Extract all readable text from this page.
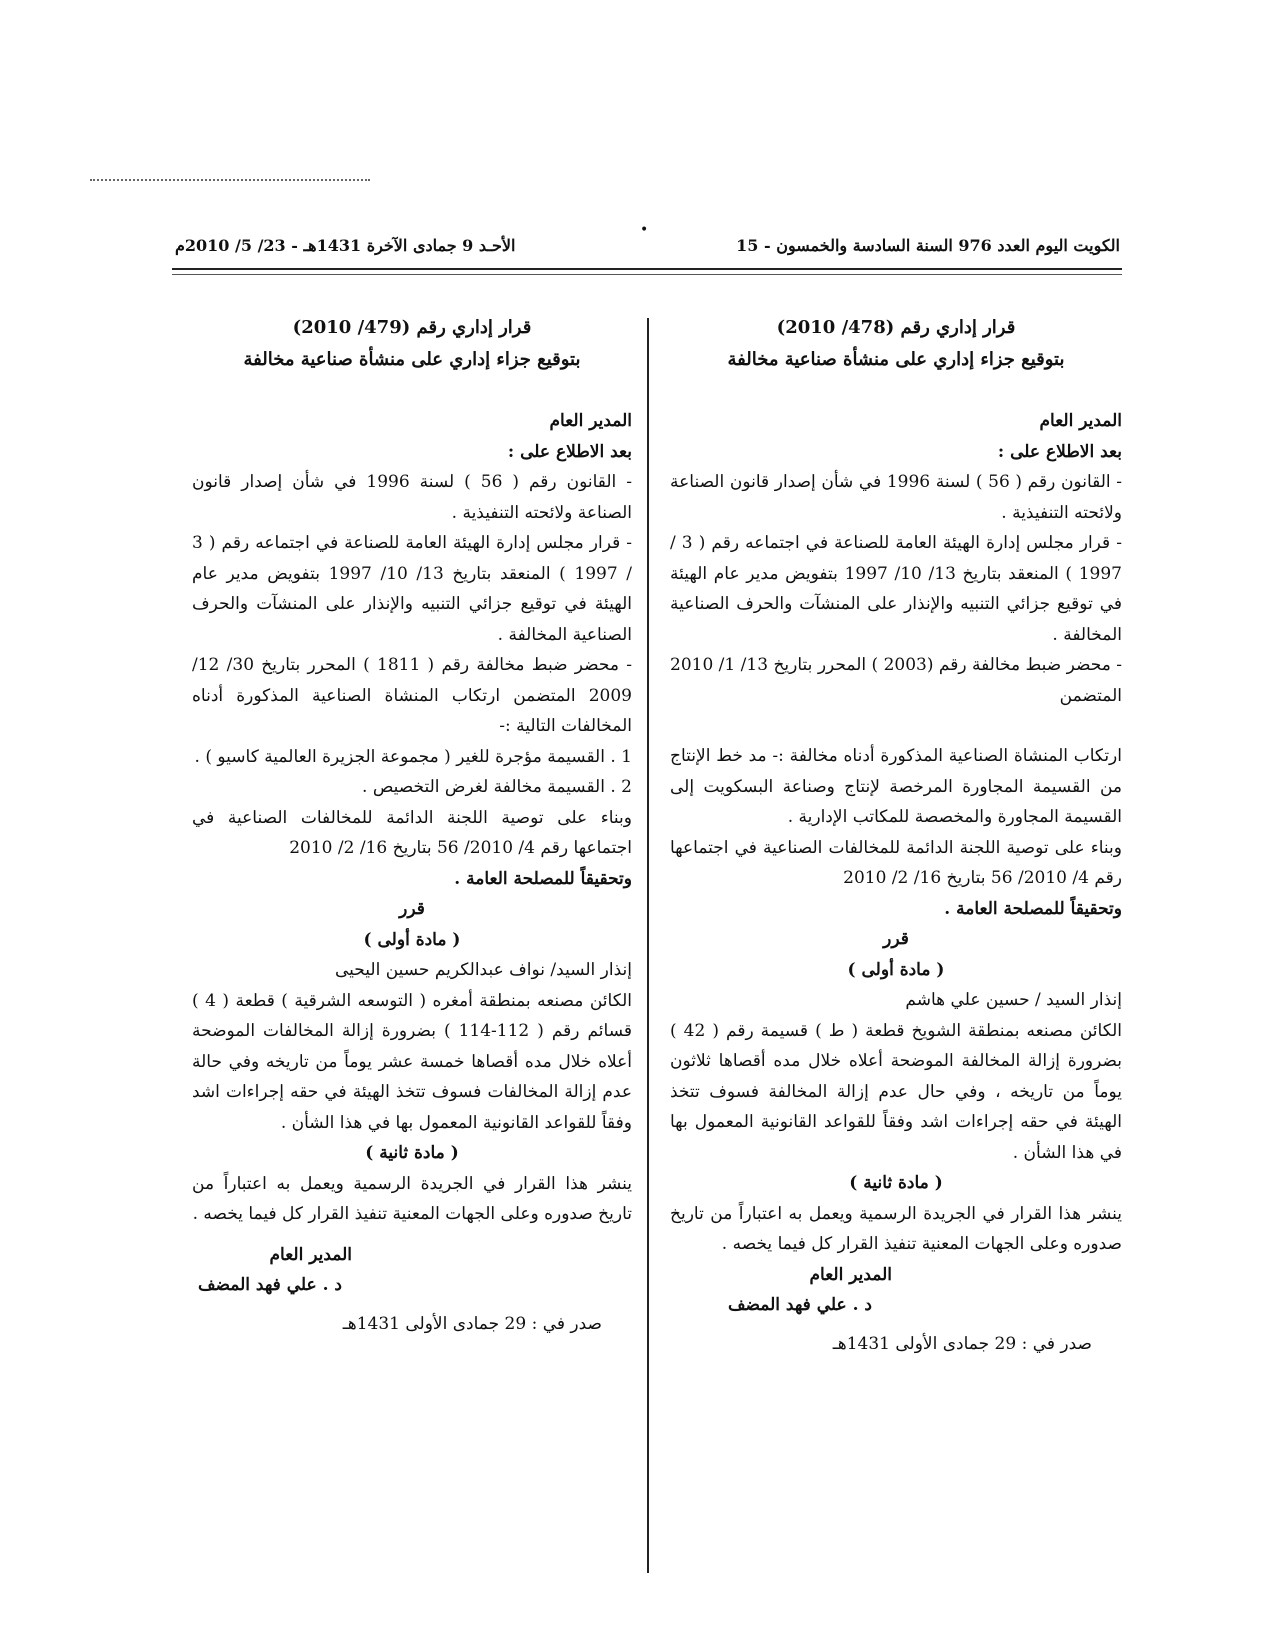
•
الكويت اليوم العدد 976 السنة السادسة والخمسون - 15
الأحـد 9 جمادى الآخرة 1431هـ - 23/ 5/ 2010م
قرار إداري رقم (478/ 2010)
بتوقيع جزاء إداري على منشأة صناعية مخالفة
المدير العام
بعد الاطلاع على :

- القانون رقم ( 56 ) لسنة 1996 في شأن إصدار قانون الصناعة ولائحته التنفيذية .

- قرار مجلس إدارة الهيئة العامة للصناعة في اجتماعه رقم ( 3 / 1997 ) المنعقد بتاريخ 13/ 10/ 1997 بتفويض مدير عام الهيئة في توقيع جزائي التنبيه والإنذار على المنشآت والحرف الصناعية المخالفة .

- محضر ضبط مخالفة رقم (2003 ) المحرر بتاريخ 13/ 1/ 2010 المتضمن

ارتكاب المنشاة الصناعية المذكورة أدناه مخالفة :- مد خط الإنتاج من القسيمة المجاورة المرخصة لإنتاج وصناعة البسكويت إلى القسيمة المجاورة والمخصصة للمكاتب الإدارية .

وبناء على توصية اللجنة الدائمة للمخالفات الصناعية في اجتماعها رقم 4/ 2010/ 56 بتاريخ 16/ 2/ 2010

وتحقيقاً للمصلحة العامة .
قرر
( مادة أولى )
إنذار السيد / حسين علي هاشم

الكائن مصنعه بمنطقة الشويخ قطعة ( ط ) قسيمة رقم ( 42 ) بضرورة إزالة المخالفة الموضحة أعلاه خلال مده أقصاها ثلاثون يوماً من تاريخه ، وفي حال عدم إزالة المخالفة فسوف تتخذ الهيئة في حقه إجراءات اشد وفقاً للقواعد القانونية المعمول بها في هذا الشأن .

( مادة ثانية )

ينشر هذا القرار في الجريدة الرسمية ويعمل به اعتباراً من تاريخ صدوره وعلى الجهات المعنية تنفيذ القرار كل فيما يخصه .

المدير العام
د . علي فهد المضف
صدر في : 29 جمادى الأولى 1431هـ
قرار إداري رقم (479/ 2010)
بتوقيع جزاء إداري على منشأة صناعية مخالفة
المدير العام
بعد الاطلاع على :

- القانون رقم ( 56 ) لسنة 1996 في شأن إصدار قانون الصناعة ولائحته التنفيذية .

- قرار مجلس إدارة الهيئة العامة للصناعة في اجتماعه رقم ( 3 / 1997 ) المنعقد بتاريخ 13/ 10/ 1997 بتفويض مدير عام الهيئة في توقيع جزائي التنبيه والإنذار على المنشآت والحرف الصناعية المخالفة .

- محضر ضبط مخالفة رقم ( 1811 ) المحرر بتاريخ 30/ 12/ 2009 المتضمن ارتكاب المنشاة الصناعية المذكورة أدناه المخالفات التالية :-

1 . القسيمة مؤجرة للغير ( مجموعة الجزيرة العالمية كاسيو ) .

2 . القسيمة مخالفة لغرض التخصيص .

وبناء على توصية اللجنة الدائمة للمخالفات الصناعية في اجتماعها رقم 4/ 2010/ 56 بتاريخ 16/ 2/ 2010

وتحقيقاً للمصلحة العامة .
قرر
( مادة أولى )
إنذار السيد/ نواف عبدالكريم حسين اليحيى

الكائن مصنعه بمنطقة أمغره ( التوسعه الشرقية ) قطعة ( 4 ) قسائم رقم ( 112-114 ) بضرورة إزالة المخالفات الموضحة أعلاه خلال مده أقصاها خمسة عشر يوماً من تاريخه وفي حالة عدم إزالة المخالفات فسوف تتخذ الهيئة في حقه إجراءات اشد وفقاً للقواعد القانونية المعمول بها في هذا الشأن .

( مادة ثانية )

ينشر هذا القرار في الجريدة الرسمية ويعمل به اعتباراً من تاريخ صدوره وعلى الجهات المعنية تنفيذ القرار كل فيما يخصه .

المدير العام
د . علي فهد المضف
صدر في : 29 جمادى الأولى 1431هـ
